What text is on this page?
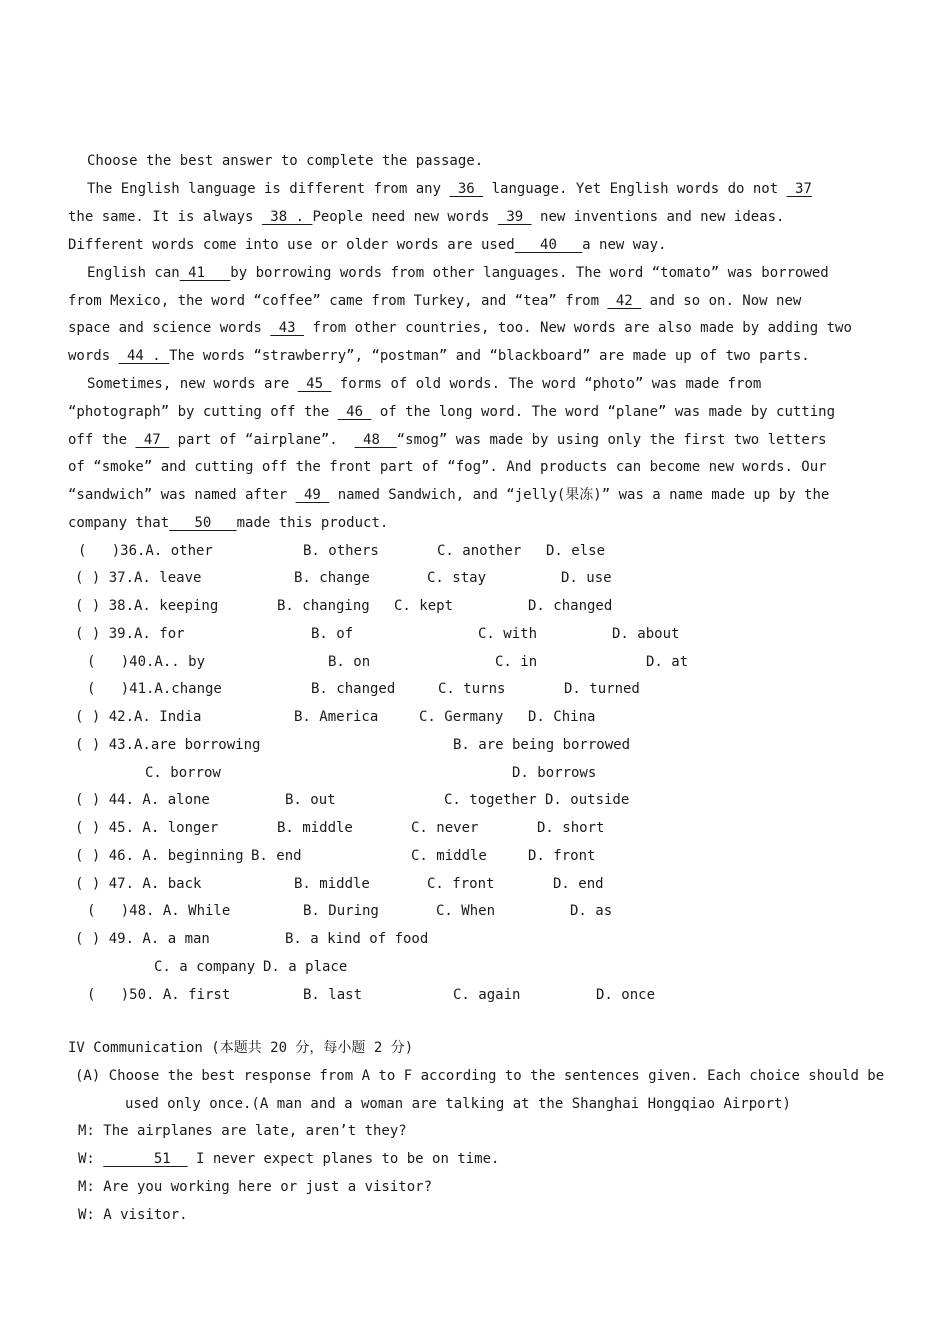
Choose the best answer to complete the passage.
The English language is different from any  36  language. Yet English words do not  37
the same. It is always  38 . People need new words  39  new inventions and new ideas.
Different words come into use or older words are used   40   a new way.
English can 41   by borrowing words from other languages. The word “tomato” was borrowed
from Mexico, the word “coffee” came from Turkey, and “tea” from  42  and so on. Now new
space and science words  43  from other countries, too. New words are also made by adding two
words  44 . The words “strawberry”, “postman” and “blackboard” are made up of two parts.
Sometimes, new words are  45  forms of old words. The word “photo” was made from
“photograph” by cutting off the  46  of the long word. The word “plane” was made by cutting
off the  47  part of “airplane”.   48  “smog” was made by using only the first two letters
of “smoke” and cutting off the front part of “fog”. And products can become new words. Our
“sandwich” was named after  49  named Sandwich, and “jelly(果冻)” was a name made up by the
company that   50   made this product.
(   )36.A. other	B. others	C. another D. else
( ) 37.A. leave	B. change	C. stay	D. use
( ) 38.A. keeping	B. changing C. kept	D. changed
( ) 39.A. for	B. of	C. with	D. about
(   )40.A.. by	B. on	C. in	D. at
(   )41.A.change	B. changed	C. turns	D. turned
( ) 42.A. India	B. America	C. Germany D. China
( ) 43.A.are borrowing	B. are being borrowed
C. borrow	D. borrows
( ) 44. A. alone	B. out	C. together D. outside
( ) 45. A. longer	B. middle	C. never	D. short
( ) 46. A. beginning B. end	C. middle	D. front
( ) 47. A. back	B. middle	C. front	D. end
(   )48. A. While	B. During	C. When	D. as
( ) 49. A. a man	B. a kind of food
C. a company D. a place
(   )50. A. first	B. last	C. again	D. once
IV Communication (本题共 20 分，每小题 2 分)
(A) Choose the best response from A to F according to the sentences given. Each choice should be
used only once.(A man and a woman are talking at the Shanghai Hongqiao Airport)
M: The airplanes are late, aren’t they?
W:       51   I never expect planes to be on time.
M: Are you working here or just a visitor?
W: A visitor.
